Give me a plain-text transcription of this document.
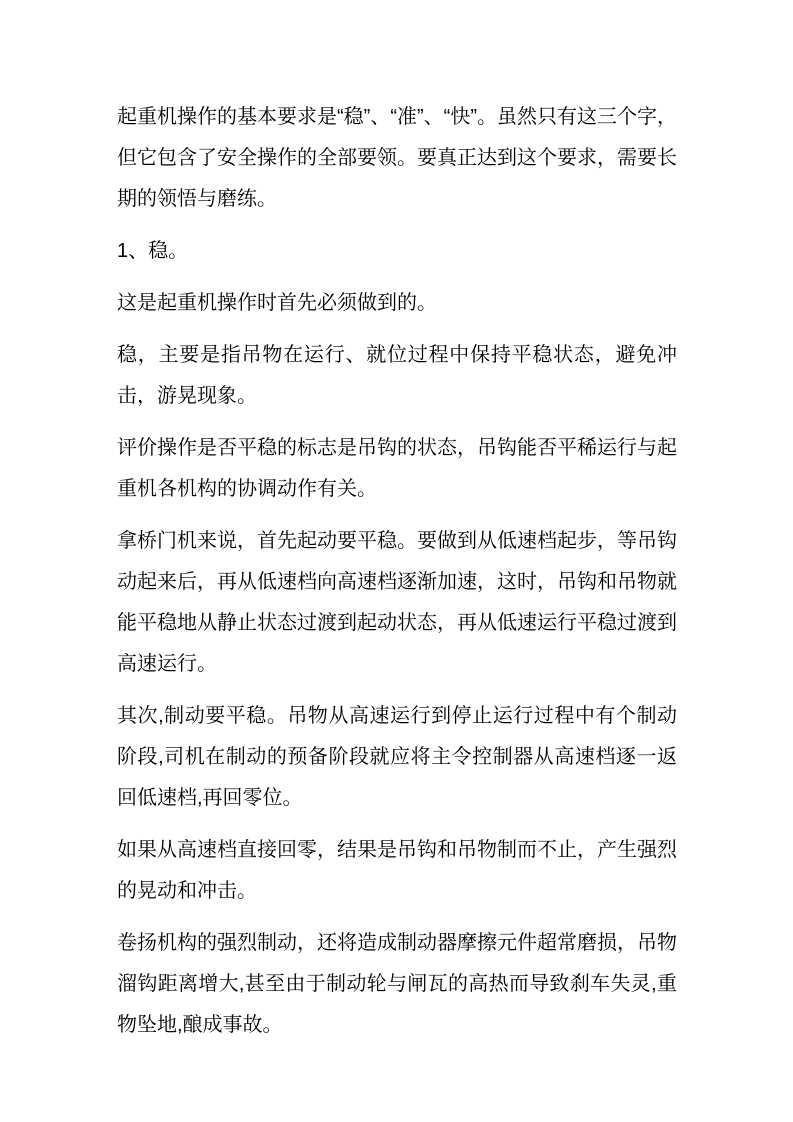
起重机操作的基本要求是“稳”、“准”、“快”。虽然只有这三个字，但它包含了安全操作的全部要领。要真正达到这个要求，需要长期的领悟与磨练。

1、稳。

这是起重机操作时首先必须做到的。

稳，主要是指吊物在运行、就位过程中保持平稳状态，避免冲击，游晃现象。

评价操作是否平稳的标志是吊钩的状态，吊钩能否平稀运行与起重机各机构的协调动作有关。

拿桥门机来说，首先起动要平稳。要做到从低速档起步，等吊钩动起来后，再从低速档向高速档逐渐加速，这时，吊钩和吊物就能平稳地从静止状态过渡到起动状态，再从低速运行平稳过渡到高速运行。

其次,制动要平稳。吊物从高速运行到停止运行过程中有个制动阶段,司机在制动的预备阶段就应将主令控制器从高速档逐一返回低速档,再回零位。

如果从高速档直接回零，结果是吊钩和吊物制而不止，产生强烈的晃动和冲击。

卷扬机构的强烈制动，还将造成制动器摩擦元件超常磨损，吊物溜钩距离增大,甚至由于制动轮与闸瓦的高热而导致刹车失灵,重物坠地,酿成事故。
